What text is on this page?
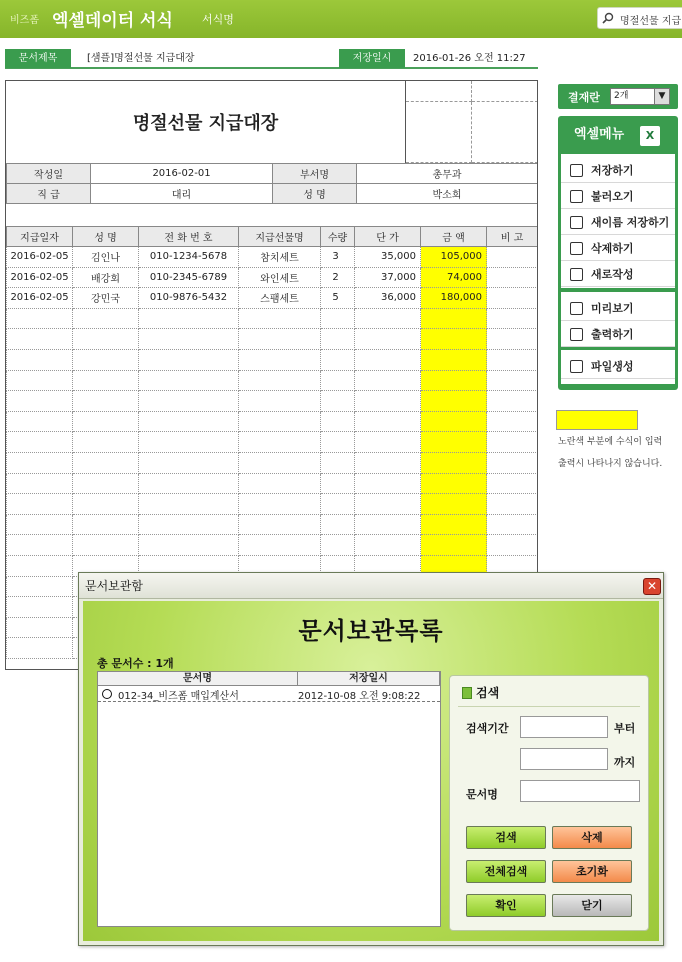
비즈폼 엑셀데이터 서식	서식명	명절선물 지급
문서제목	[샘플]명절선물 지급대장	저장일시	2016-01-26 오전 11:27
명절선물 지급대장
작성일	2016-02-01	부서명	총무과
직 급	대리	성 명	박소희
지급일자	성 명	전 화 번 호	지급선물명	수량	단 가	금 액	비 고
2016-02-05	김인나	010-1234-5678	참치세트	3	35,000	105,000	
2016-02-05	배강회	010-2345-6789	와인세트	2	37,000	74,000	
2016-02-05	강민국	010-9876-5432	스팸세트	5	36,000	180,000	

결재란	2개	▼
엑셀메뉴	X
저장하기
불러오기
새이름 저장하기
삭제하기
새로작성
미리보기
출력하기
파일생성
노란색 부분에 수식이 입력
출력시 나타나지 않습니다.
문서보관함	✕
문서보관목록
총 문서수 : 1개
문서명	저장일시
012-34_비즈폼 매입계산서	2012-10-08 오전 9:08:22	검색
검색기간	부터
까지
문서명
검색	삭제
전체검색	초기화
확인	닫기
